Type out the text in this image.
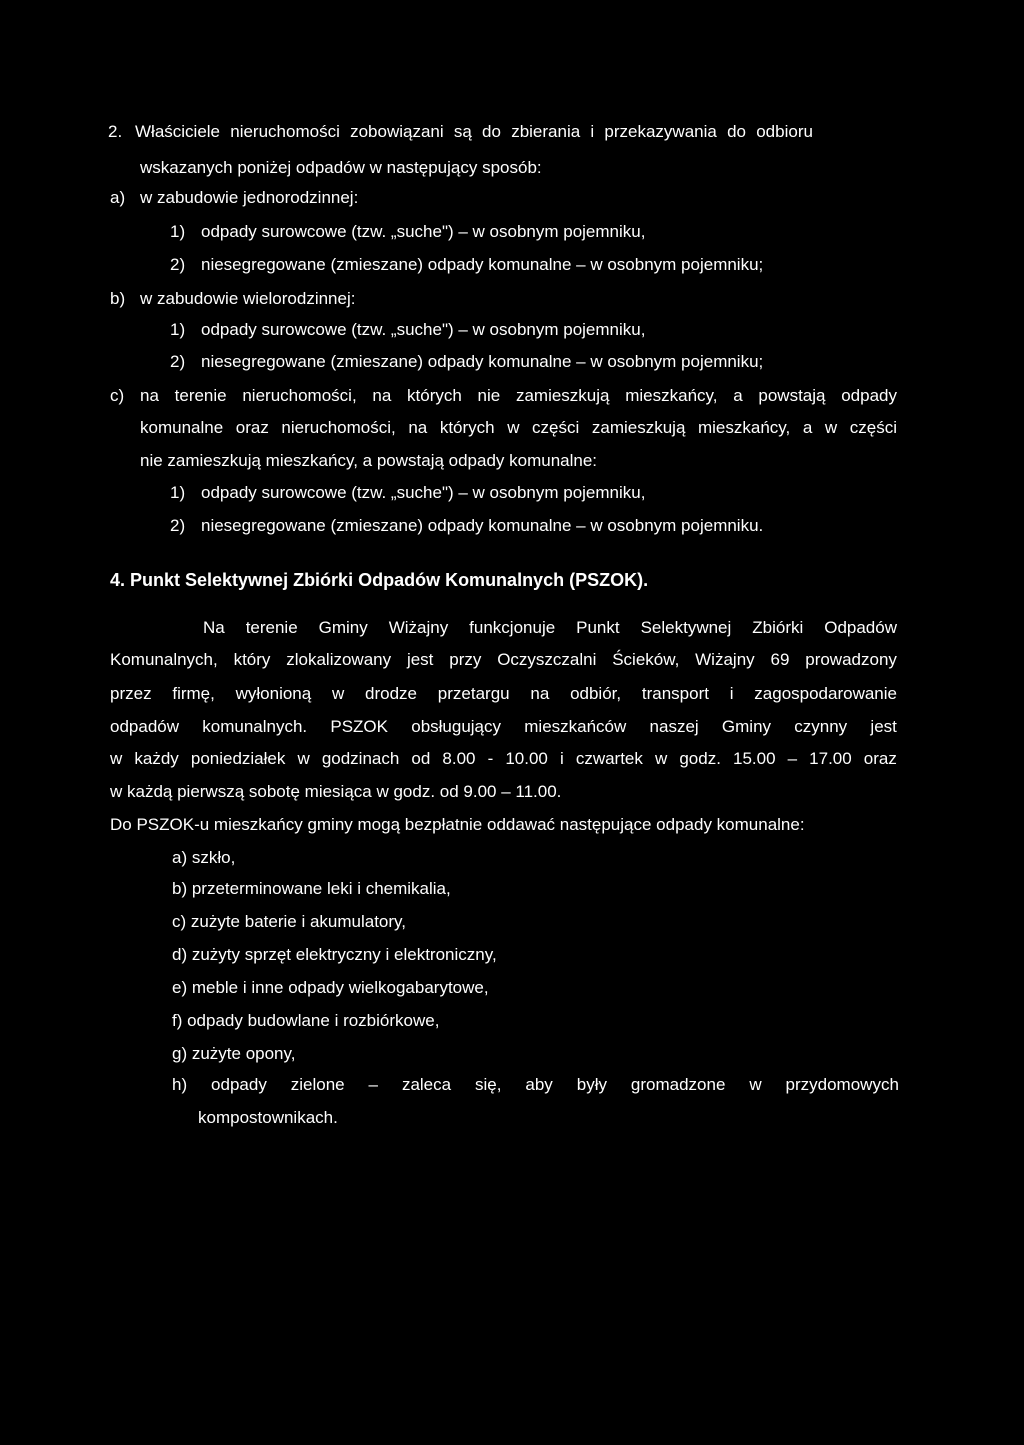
2. Właściciele nieruchomości zobowiązani są do zbierania i przekazywania do odbioru
wskazanych poniżej odpadów w następujący sposób:
a) w zabudowie jednorodzinnej:
1) odpady surowcowe (tzw. „suche") – w osobnym pojemniku,
2) niesegregowane (zmieszane) odpady komunalne – w osobnym pojemniku;
b) w zabudowie wielorodzinnej:
1) odpady surowcowe (tzw. „suche") – w osobnym pojemniku,
2) niesegregowane (zmieszane) odpady komunalne – w osobnym pojemniku;
c) na terenie nieruchomości, na których nie zamieszkują mieszkańcy, a powstają odpady
komunalne oraz nieruchomości, na których w części zamieszkują mieszkańcy, a w części
nie zamieszkują mieszkańcy, a powstają odpady komunalne:
1) odpady surowcowe (tzw. „suche") – w osobnym pojemniku,
2) niesegregowane (zmieszane) odpady komunalne – w osobnym pojemniku.
4. Punkt Selektywnej Zbiórki Odpadów Komunalnych (PSZOK).
Na terenie Gminy Wiżajny funkcjonuje Punkt Selektywnej Zbiórki Odpadów
Komunalnych, który zlokalizowany jest przy Oczyszczalni Ścieków, Wiżajny 69 prowadzony
przez firmę, wyłonioną w drodze przetargu na odbiór, transport i zagospodarowanie
odpadów komunalnych. PSZOK obsługujący mieszkańców naszej Gminy czynny jest
w każdy poniedziałek w godzinach od 8.00 - 10.00 i czwartek w godz. 15.00 – 17.00 oraz
w każdą pierwszą sobotę miesiąca w godz. od 9.00 – 11.00.
Do PSZOK-u mieszkańcy gminy mogą bezpłatnie oddawać następujące odpady komunalne:
a) szkło,
b) przeterminowane leki i chemikalia,
c) zużyte baterie i akumulatory,
d) zużyty sprzęt elektryczny i elektroniczny,
e) meble i inne odpady wielkogabarytowe,
f) odpady budowlane i rozbiórkowe,
g) zużyte opony,
h) odpady zielone – zaleca się, aby były gromadzone w przydomowych
kompostownikach.
